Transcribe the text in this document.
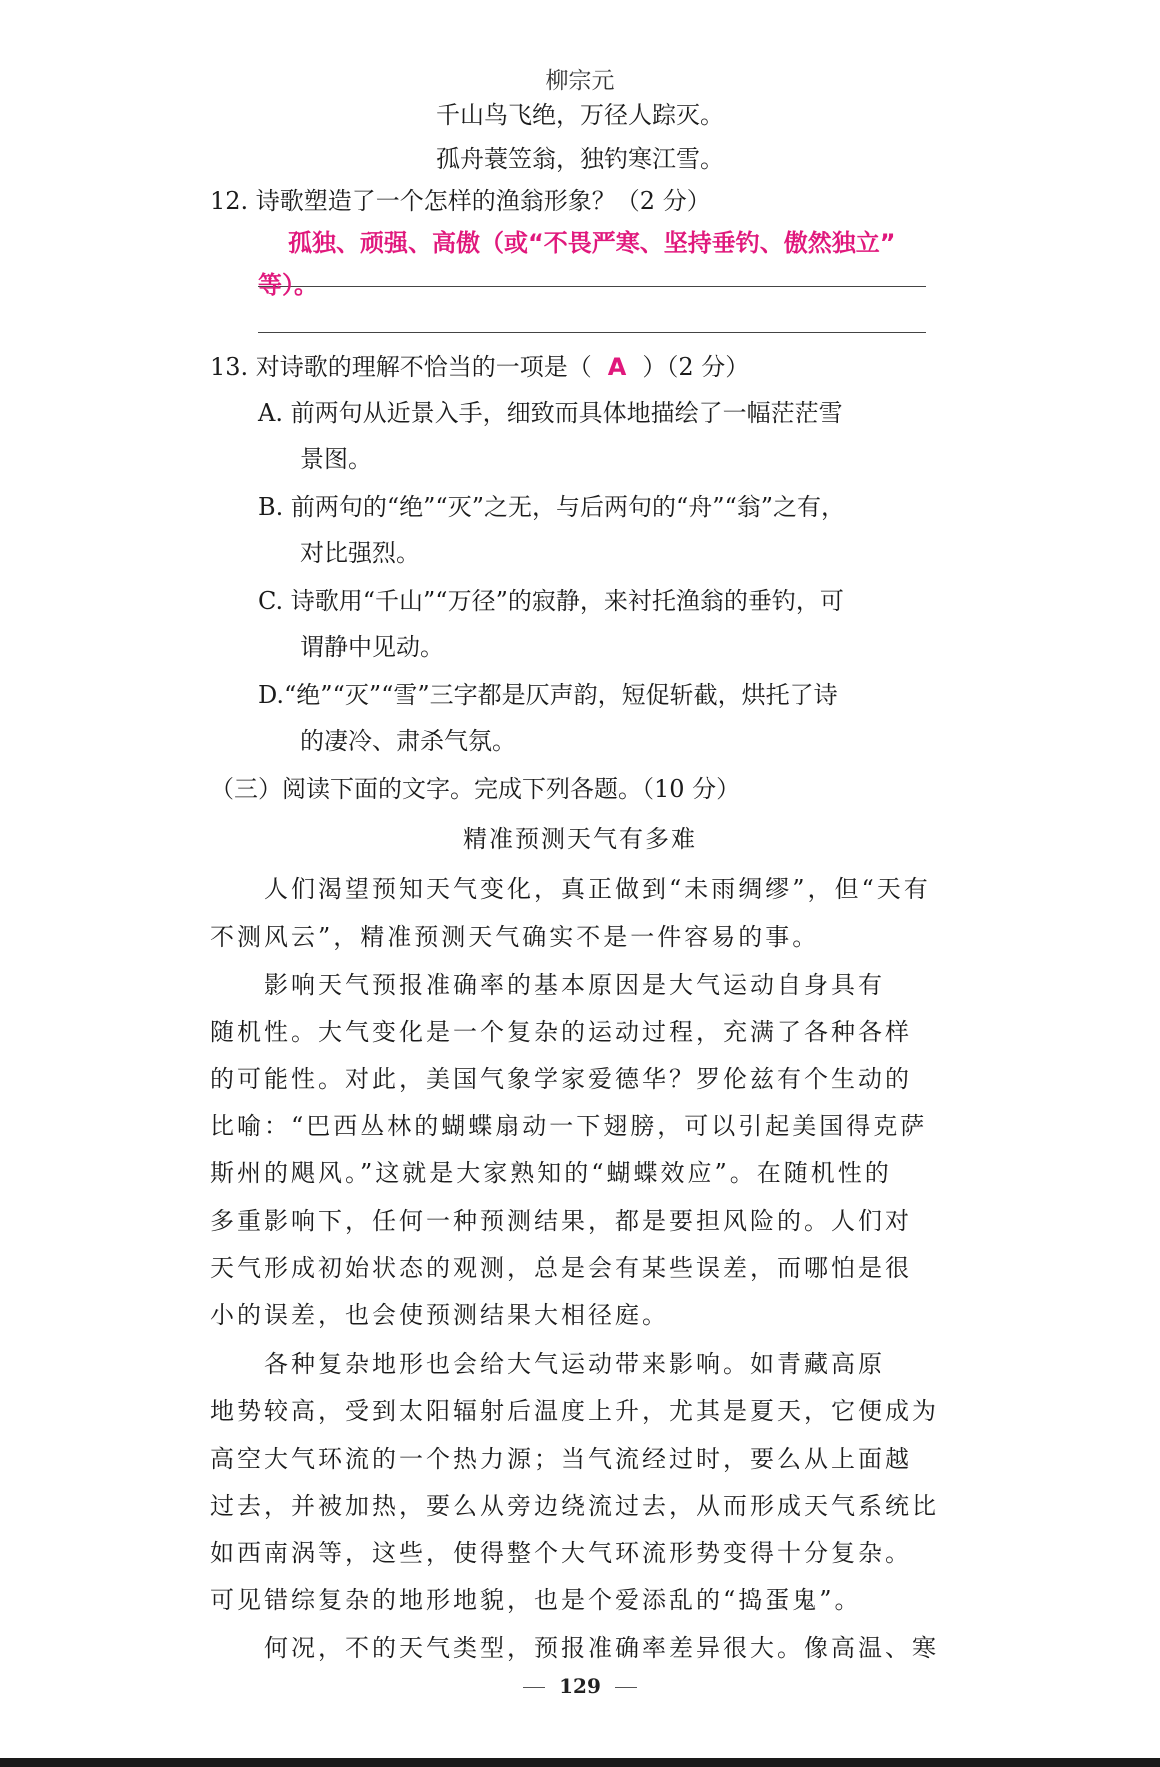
柳宗元
千山鸟飞绝，万径人踪灭。
孤舟蓑笠翁，独钓寒江雪。
12. 诗歌塑造了一个怎样的渔翁形象？（2 分）
孤独、顽强、高傲（或“不畏严寒、坚持垂钓、傲然独立”
等）。
13. 对诗歌的理解不恰当的一项是（ A ）（2 分）
A. 前两句从近景入手，细致而具体地描绘了一幅茫茫雪
景图。
B. 前两句的“绝”“灭”之无，与后两句的“舟”“翁”之有，
对比强烈。
C. 诗歌用“千山”“万径”的寂静，来衬托渔翁的垂钓，可
谓静中见动。
D.“绝”“灭”“雪”三字都是仄声韵，短促斩截，烘托了诗
的凄冷、肃杀气氛。
（三）阅读下面的文字。完成下列各题。（10 分）
精准预测天气有多难
人们渴望预知天气变化，真正做到“未雨绸缪”，但“天有
不测风云”，精准预测天气确实不是一件容易的事。
影响天气预报准确率的基本原因是大气运动自身具有
随机性。大气变化是一个复杂的运动过程，充满了各种各样
的可能性。对此，美国气象学家爱德华？罗伦兹有个生动的
比喻：“巴西丛林的蝴蝶扇动一下翅膀，可以引起美国得克萨
斯州的飓风。”这就是大家熟知的“蝴蝶效应”。在随机性的
多重影响下，任何一种预测结果，都是要担风险的。人们对
天气形成初始状态的观测，总是会有某些误差，而哪怕是很
小的误差，也会使预测结果大相径庭。
各种复杂地形也会给大气运动带来影响。如青藏高原
地势较高，受到太阳辐射后温度上升，尤其是夏天，它便成为
高空大气环流的一个热力源；当气流经过时，要么从上面越
过去，并被加热，要么从旁边绕流过去，从而形成天气系统比
如西南涡等，这些，使得整个大气环流形势变得十分复杂。
可见错综复杂的地形地貌，也是个爱添乱的“捣蛋鬼”。
何况，不的天气类型，预报准确率差异很大。像高温、寒
129
